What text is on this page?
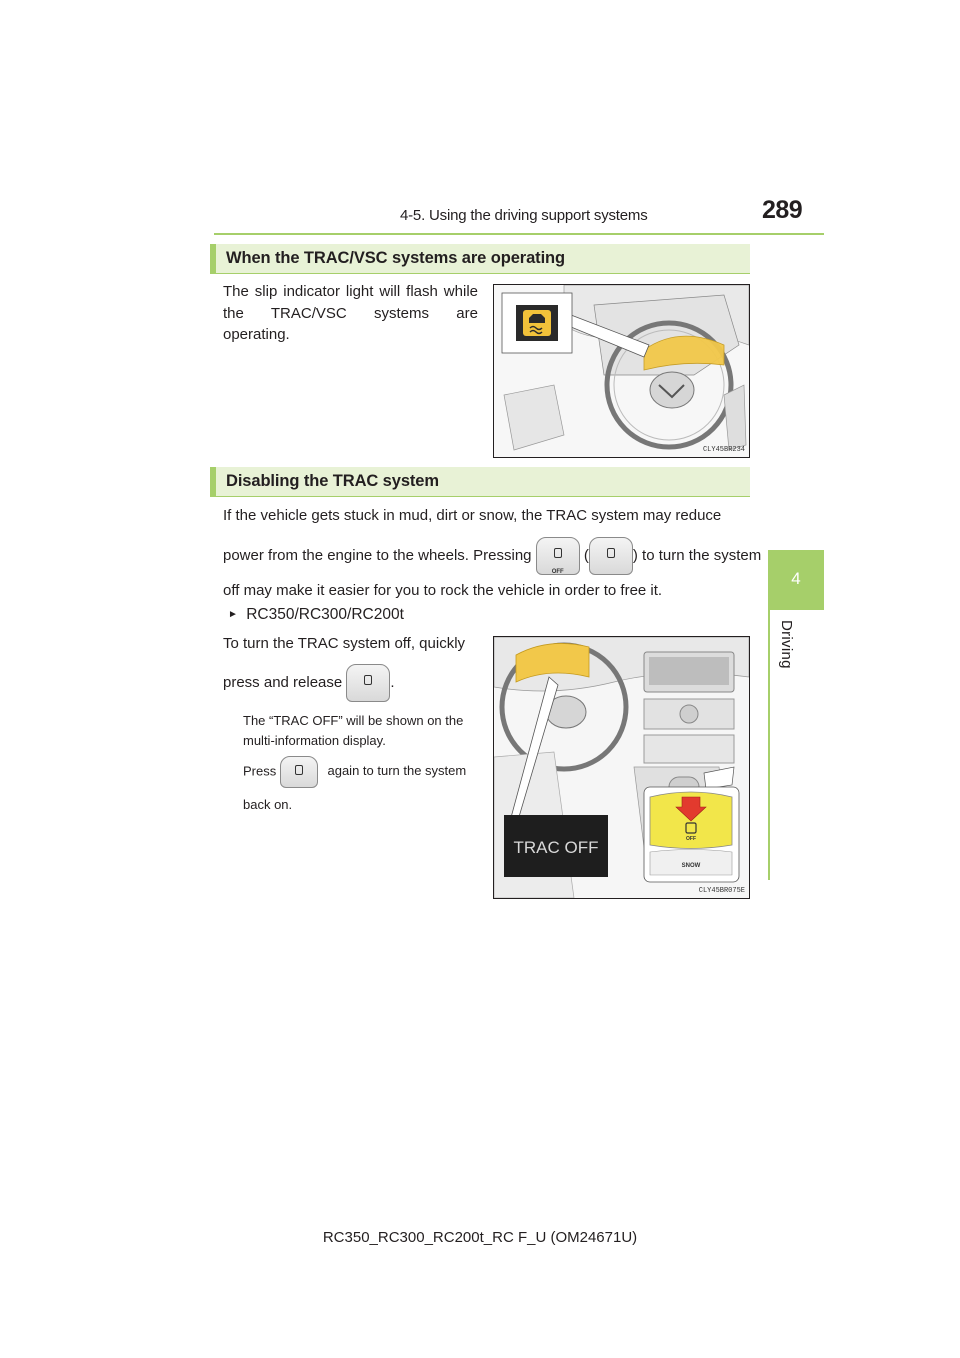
4-5. Using the driving support systems	289
4
Driving
When the TRAC/VSC systems are operating
The slip indicator light will flash while the TRAC/VSC systems are operating.
CLY45BR234
Disabling the TRAC system
If the vehicle gets stuck in mud, dirt or snow, the TRAC system may reduce
power from the engine to the wheels. Pressing
OFF
(	) to turn the system
off may make it easier for you to rock the vehicle in order to free it.
► RC350/RC300/RC200t
To turn the TRAC system off, quickly
press and release	.
The “TRAC OFF” will be shown on the multi-information display.
Press	again to turn the system
back on.
TRAC OFF	OFF
SNOW
CLY45BR075E
RC350_RC300_RC200t_RC F_U (OM24671U)
